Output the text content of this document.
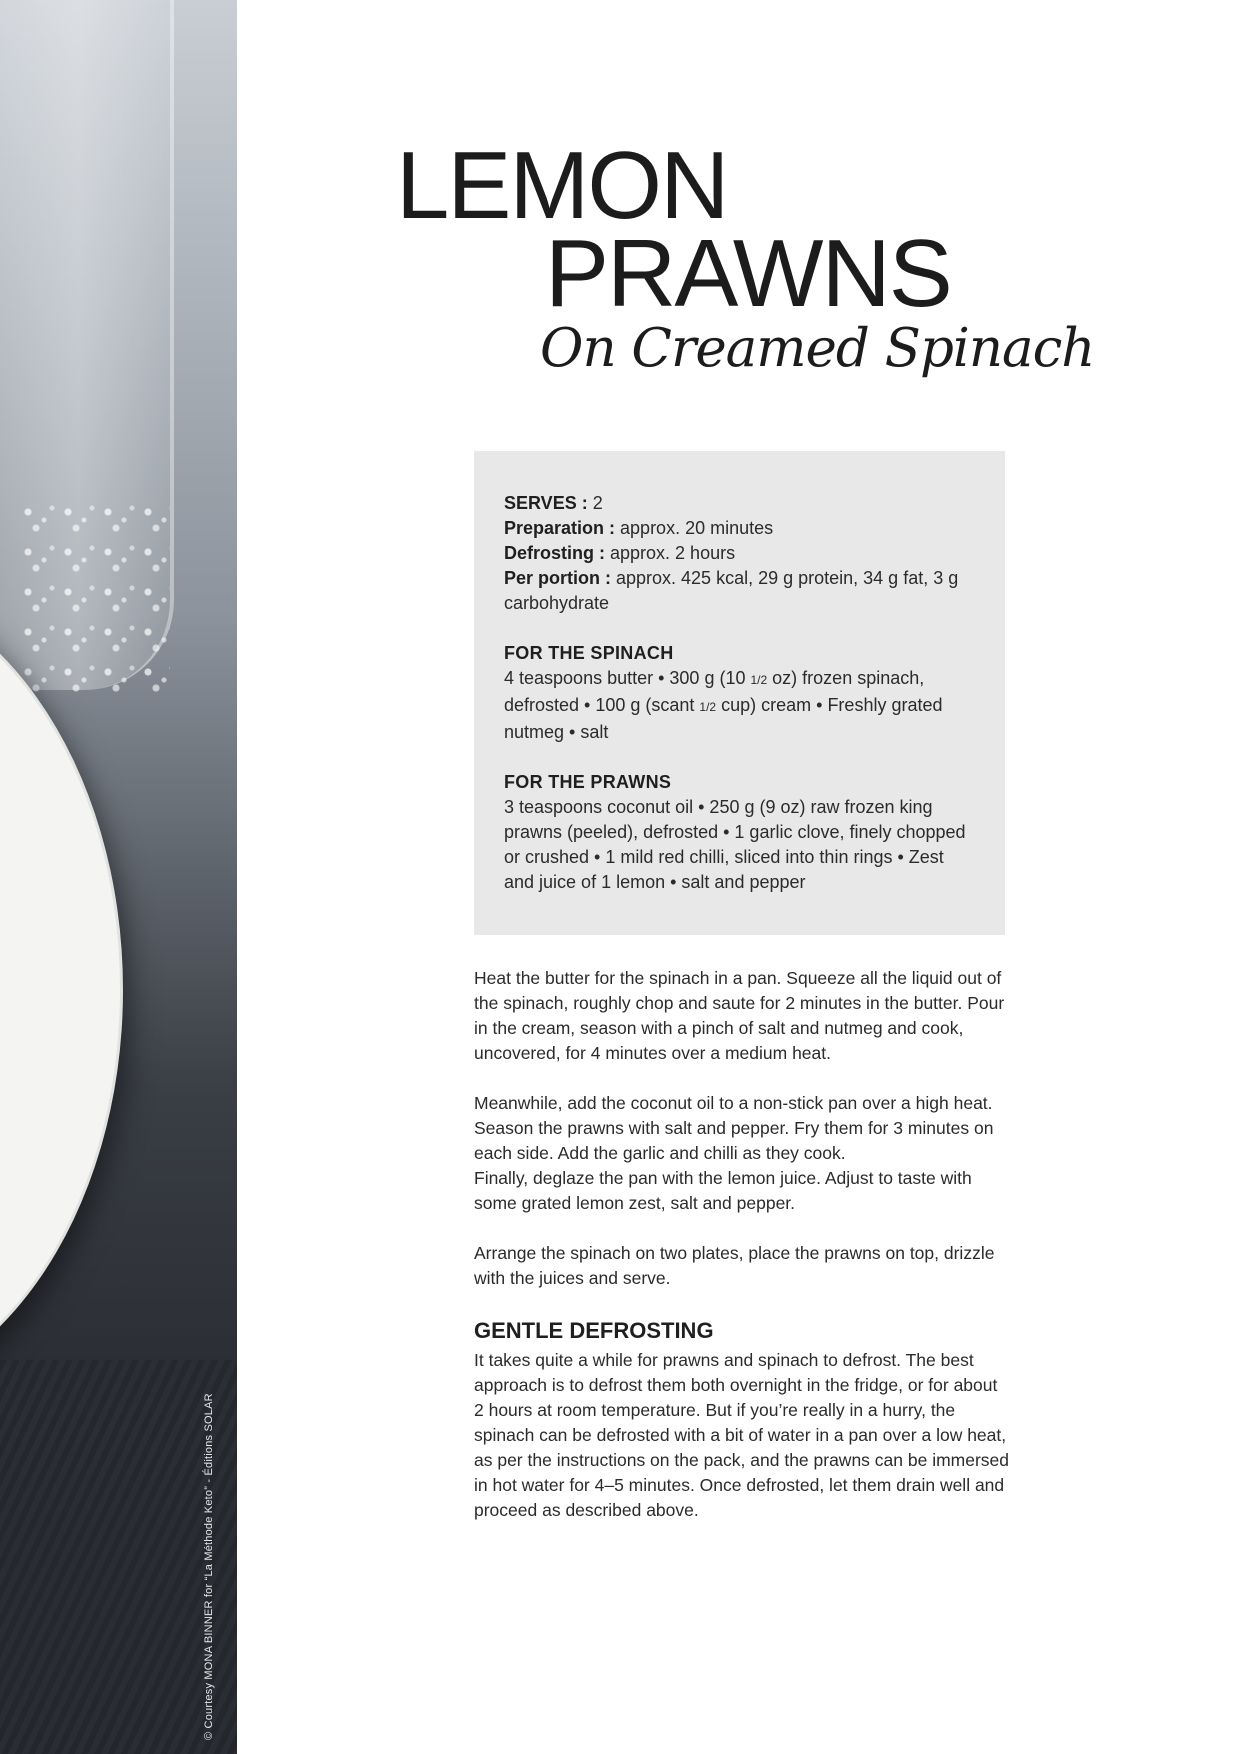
© Courtesy MONA BINNER for “La Méthode Keto” - Éditions SOLAR
LEMON
PRAWNS
On Creamed Spinach

SERVES : 2

Preparation : approx. 20 minutes

Defrosting : approx. 2 hours

Per portion : approx. 425 kcal, 29 g protein, 34 g fat, 3 g carbohydrate

FOR THE SPINACH

4 teaspoons butter • 300 g (10 1/2 oz) frozen spinach, defrosted • 100 g (scant 1/2 cup) cream • Freshly grated nutmeg • salt

FOR THE PRAWNS

3 teaspoons coconut oil • 250 g (9 oz) raw frozen king prawns (peeled), defrosted • 1 garlic clove, finely chopped or crushed • 1 mild red chilli, sliced into thin rings • Zest and juice of 1 lemon • salt and pepper

Heat the butter for the spinach in a pan. Squeeze all the liquid out of the spinach, roughly chop and saute for 2 minutes in the butter. Pour in the cream, season with a pinch of salt and nutmeg and cook, uncovered, for 4 minutes over a medium heat.

Meanwhile, add the coconut oil to a non-stick pan over a high heat. Season the prawns with salt and pepper. Fry them for 3 minutes on each side. Add the garlic and chilli as they cook.

Finally, deglaze the pan with the lemon juice. Adjust to taste with some grated lemon zest, salt and pepper.

Arrange the spinach on two plates, place the prawns on top, drizzle with the juices and serve.

GENTLE DEFROSTING

It takes quite a while for prawns and spinach to defrost. The best approach is to defrost them both overnight in the fridge, or for about 2 hours at room temperature. But if you’re really in a hurry, the spinach can be defrosted with a bit of water in a pan over a low heat, as per the instructions on the pack, and the prawns can be immersed in hot water for 4–5 minutes. Once defrosted, let them drain well and proceed as described above.
